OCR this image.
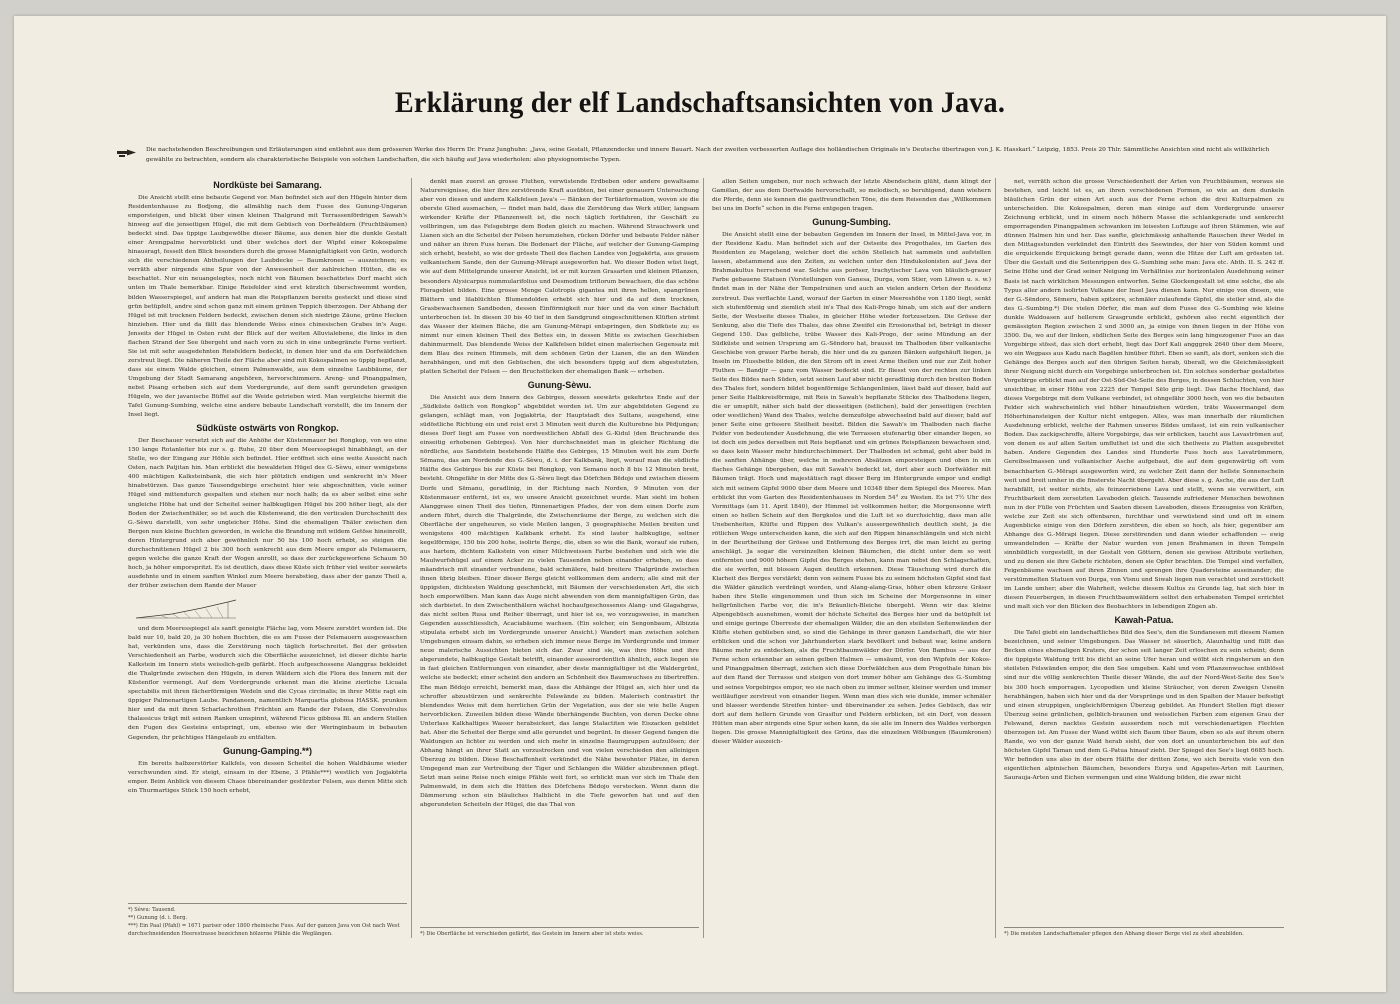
Erklärung der elf Landschaftsansichten von Java.

Die nachstehenden Beschreibungen und Erläuterungen sind entlehnt aus dem grösseren Werke des Herrn Dr. Franz Junghuhn: „Java, seine Gestalt, Pflanzendecke und innere Bauart. Nach der zweiten verbesserten Auflage des holländischen Originals in's Deutsche übertragen von J. K. Hasskarl.“ Leipzig, 1853. Preis 20 Thlr. Sämmtliche Ansichten sind nicht als willkührlich gewählte zu betrachten, sondern als charakteristische Beispiele von solchen Landschaften, die sich häufig auf Java wiederholen: also physiognomische Typen.

Nordküste bei Samarang.

Die Ansicht stellt eine bebaute Gegend vor. Man befindet sich auf den Hügeln hinter dem Residentenhause zu Bodjong, die allmählig nach dem Fusse des Gunung-Ungaran emporsteigen, und blickt über einen kleinen Thalgrund mit Terrassenfördrigen Sawah's hinweg auf die jenseitigen Hügel, die mit dem Gebüsch von Dorfwäldern (Fruchtbäumen) bedeckt sind. Das üppige Laubgewölbe dieser Bäume, aus denen hier die dunkle Gestalt einer Arengpalme hervorblickt und über welches dort der Wipfel einer Kokospalme hinausragt, fesselt den Blick besonders durch die grosse Mannigfaltigkeit von Grün, wodurch sich die verschiedenen Abtheilungen der Laubdecke — Baumkronen — auszeichnen; es verräth aber nirgends eine Spur von der Anwesenheit der zahlreichen Hütten, die es beschattet. Nur ein neuangelegtes, noch nicht von Bäumen beschattetes Dorf macht sich unten im Thale bemerkbar. Einige Reisfelder sind erst kürzlich überschwemmt worden, bilden Wasserspiegel, auf andern hat man die Reispflanzen bereits gesteckt und diese sind grün betüpfelt, andre sind schon ganz mit einem grünen Teppich überzogen. Der Abhang der Hügel ist mit trocknen Feldern bedeckt, zwischen denen sich niedrige Zäune, grüne Hecken hinziehen. Hier und da fällt das blendende Weiss eines chinesischen Grabes in's Auge. Jenseits der Hügel in Osten ruht der Blick auf der weiten Alluvialebene, die links in den flachen Strand der See übergeht und nach vorn zu sich in eine unbegränzte Ferne verliert. Sie ist mit sehr ausgedehnten Reisfeldern bedeckt, in denen hier und da ein Dorfwäldchen zerstreut liegt. Die näheren Theile der Fläche aber sind mit Kokospalmen so üppig bepflanzt, dass sie einem Walde gleichen, einem Palmenwalde, aus dem einzelne Laubbäume, der Umgebung der Stadt Samarang angehören, hervorschimmern. Areng- und Pinangpalmen, nebst Pisang erheben sich auf dem Vordergrunde, auf dem sanft gerundeten grasigen Hügeln, wo der javanische Büffel auf die Weide getrieben wird. Man vergleiche hiermit die Tafel Gunung-Sumbing, welche eine andere bebaute Landschaft vorstellt, die im Innern der Insel liegt.

Südküste ostwärts von Rongkop.

Der Beschauer versetzt sich auf die Anhöhe der Küstenmauer bei Rongkop, von wo eine 150 lange Rotanleiter bis zur s. g. Ruhe, 20 über dem Meeresspiegel hinabhängt, an der Stelle, wo der Eingang zur Höhle sich befindet. Hier eröffnet sich eine weite Aussicht nach Osten, nach Patjitan hin. Man erblickt die bewaldeten Hügel des G.-Sèwu, einer wenigstens 400 mächtigen Kalksteinbank, die sich hier plötzlich endigen und senkrecht in's Meer hinabstürzen. Das ganze Tausendgebirge erscheint hier wie abgeschnitten, viele seiner Hügel sind mittendurch gespalten und stehen nur noch halb; da es aber selbst eine sehr ungleiche Höhe hat und der Scheitel seiner halbkugligen Hügel bis 200 höher liegt, als der Boden der Zwischenthäler, so ist auch die Küstenwand, die den verticalen Durchschnitt des G.-Sèwu darstellt, von sehr ungleicher Höhe. Sind die ehemaligen Thäler zwischen den Bergen nun kleine Buchten geworden, in welche die Brandung mit wildem Getöse hineinrollt, deren Hintergrund sich aber gewöhnlich nur 50 bis 100 hoch erhebt, so steigen die durchschnittenen Hügel 2 bis 300 hoch senkrecht aus dem Meere empor als Felsmauern, gegen welche die ganze Kraft der Wogen anrollt, so dass der zurückgeworfene Schaum 50 hoch, ja höher emporspritzt. Es ist deutlich, dass diese Küste sich früher viel weiter seewärts ausdehnte und in einem sanften Winkel zum Meere herabstieg, dass aber der ganze Theil a, der früher zwischen dem Rande der Mauer

und dem Meeresspiegel als sanft geneigte Fläche lag, vom Meere zerstört worden ist. Die bald nur 10, bald 20, ja 30 hohen Buchten, die es am Fusse der Felsmauern ausgewaschen hat, verkünden uns, dass die Zerstörung noch täglich fortschreitet. Bei der grössten Verschiedenheit an Farbe, wodurch sich die Oberfläche auszeichnet, ist dieser dichte harte Kalkstein im Innern stets weisslich-gelb gefärbt. Hoch aufgeschossene Alanggras bekleidet die Thalgründe zwischen den Hügeln, in deren Wäldern sich die Flora des Innern mit der Küstenflor vermengt. Auf dem Vordergrunde erkennt man die kleine zierliche Licuala spectabilis mit ihren fächerförmigen Wedeln und die Cycas circinalis; in ihrer Mitte ragt ein üppiger Palmenartigen Laube. Pandaneen, namentlich Marquartia globosa HASSK. prunken hier und da mit ihren Scharlachrothen Früchten am Rande der Felsen, die Convolvulus thalassicus trägt mit seinen Ranken umspinnt, während Ficus gibbosa Bl. an andern Stellen den Fugen des Gesteins entspringt, um, ebenso wie der Weringinbaum in bebauten Gegenden, ihr prächtiges Hängelaub zu entfalten.

Gunung-Gamping.**)

Ein bereits halbzerstörter Kalkfels, von dessen Scheitel die hohen Waldbäume wieder verschwunden sind. Er steigt, einsam in der Ebene, 3 Pfähle***) westlich von Jogjakërta empor. Beim Anblick von diesem Chaos übereinander gestürzter Felsen, aus deren Mitte sich ein Thurmartiges Stück 150 hoch erhebt,

*) Sèwu: Tausend.

**) Gunung (d. i. Berg.

***) Ein Paal (Pfahl) = 1671 pariser oder 1800 rheinische Fuss. Auf der ganzen Java von Ost nach West durchschneidenden Heerestrasse bezeichnen hölzerne Pfähle die Weglängen.

denkt man zuerst an grosse Fluthen, verwüstende Erdbeben oder andere gewaltsame Naturereignisse, die hier ihre zerstörende Kraft ausübten, bei einer genauern Untersuchung aber von diesen und andern Kalkfelsen Java's — Bänken der Tertiärformation, wovon sie die oberste Glied ausmachen, — findet man bald, dass die Zerstörung das Werk stiller, langsam wirkender Kräfte der Pflanzenwelt ist, die noch täglich fortfahren, ihr Geschäft zu vollbringen, um das Felsgebirge dem Boden gleich zu machen. Während Strauchwerk und Lianen sich an die Scheitel der Felsen herumziehen, rücken Dörfer und bebaute Felder näher und näher an ihren Fuss heran. Die Bodenart der Fläche, auf welcher der Gunung-Gamping sich erhebt, besteht, so wie der grösste Theil des flachen Landes von Jogjakërta, aus grauem vulkanischem Sande, den der Gunung-Mërapi ausgeworfen hat. Wo dieser Boden wüst liegt, wie auf dem Mittelgrunde unserer Ansicht, ist er mit kurzen Grasarten und kleinen Pflanzen, besonders Alysicarpus nummularifolius und Desmodium triflorum bewachsen, die das schöne Floragebiet bilden. Eine grosse Menge Calotropis gigantea mit ihren hellen, spangrünen Blättern und lilablüchten Blumendolden erhebt sich hier und da auf dem trocknen, Grasbewachsenen Sandboden, dessen Einförmigkeit nur hier und da von einer Bachkluft unterbrochen ist. In diesen 30 bis 40 tief in den Sandgrund eingeschnittenen Klüften strömt das Wasser der kleinen Bäche, die am Gunung-Mërapi entspringen, den Südküste zu; es nimmt nur einen kleinen Theil des Bettes ein, in dessen Mitte es zwischen Geschieben dahinmurmelt. Das blendende Weiss der Kalkfelsen bildet einen malerischen Gegensatz mit dem Blau des reinen Himmels, mit dem schönen Grün der Lianen, die an den Wänden herabhängen, und mit den Gebüschen, die sich besonders üppig auf dem abgestutzten, platten Scheitel der Felsen — den Bruchstücken der ehemaligen Bank — erheben.

Gunung-Sèwu.

Die Ansicht aus dem Innern des Gebirges, dessen seewärts gekehrtes Ende auf der „Südküste östlich von Rongkop“ abgebildet worden ist. Um zur abgebildeten Gegend zu gelangen, schlägt man, von Jogjakërta, der Hauptstadt des Sultans, ausgehend, eine südöstliche Richtung ein und reist erst 3 Minuten weit durch die Kulturebne bis Pëdjungan; dieses Dorf liegt am Fusse von nordwestlichen Abfall des G.-Kidul (den Bruchrande des einseitig erhobenen Gebirges). Von hier durchschneidet man in gleicher Richtung die nördliche, aus Sandstein bestehende Hälfte des Gebirges, 15 Minuten weit bis zum Dorfe Sëmanu, das am Nordende des G.-Sèwu, d. i. der Kalkbank, liegt, worauf man die südliche Hälfte des Gebirges bis zur Küste bei Rongkop, von Semanu noch 8 bis 12 Minuten breit, besteht. Ohngefähr in der Mitte des G.-Sèwu liegt das Dörfchen Bëdojo und zwischen diesem Dorfe und Sëmanu, geradlinig, in der Richtung nach Norden, 9 Minuten von der Küstenmauer entfernt, ist es, wo unsere Ansicht gezeichnet wurde. Man sieht im hohen Alanggrase einen Theil des tiefen, Rinnenartigen Pfades, der von dem einen Dorfe zum andern führt, durch die Thalgründe, die Zwischenräume der Berge, zu welchen sich die Oberfläche der ungeheuren, so viele Meilen langen, 3 geographische Meilen breiten und wenigstens 400 mächtigen Kalkbank erhebt. Es sind lauter halbkuglige, seltner kegelförmige, 150 bis 200 hohe, isolirte Berge, die, eben so wie die Bank, worauf sie ruhen, aus hartem, dichtem Kalkstein von einer Milchweissen Farbe bestehen und sich wie die Maulwurfshügel auf einem Acker zu vielen Tausenden neben einander erheben, so dass mäandrisch mit einander verbundene, bald schmälere, bald breitere Thalgründe zwischen ihnen übrig bleiben. Einer dieser Berge gleicht vollkommen dem andern; alle sind mit der üppigsten, dichtesten Waldung geschmückt, mit Bäumen der verschiedensten Art, die sich hoch emporwölben. Man kann das Auge nicht abwenden von dem mannigfaltigen Grün, das sich darbietet. In den Zwischenthälern wächst hochaufgeschossenes Alang- und Glagahgras, das nicht selten Rusa und Reiher überragt, und hier ist es, wo vorzugsweise, in manchen Gegenden ausschliesslich, Acaciabäume wachsen. (Ein solcher, ein Sengonbaum, Albizzia stipulata erhebt sich im Vordergrunde unserer Ansicht.) Wandert man zwischen solchen Umgebungen einsam dahin, so erheben sich immer neue Berge im Vordergrunde und immer neue malerische Aussichten bieten sich dar. Zwar sind sie, was ihre Höhe und ihre abgerundete, halbkuglige Gestalt betrifft, einander ausserordentlich ähnlich, auch liegen sie in fast gleichen Entfernungen von einander, aber deste mannigfaltiger ist die Waldergrünt, welche sie bedeckt; einer scheint den andern an Schönheit des Baumwuchses zu übertreffen. Ehe man Bëdojo erreicht, bemerkt man, dass die Abhänge der Hügel an, sich hier und da schroffer abzustürzen und senkrechte Felswände zu bilden. Malerisch contrastirt ihr blendendes Weiss mit dem herrlichen Grün der Vegetation, aus der sie wie helle Augen hervorblicken. Zuweilen bilden diese Wände überhängende Buchten, von deren Decke ohne Unterlass Kalkhaltiges Wasser herabsickert, das lange Stalactiten wie Eiszacken gebildet hat. Aber die Scheitel der Berge sind alle gerundet und begrünt. In dieser Gegend fangen die Waldungen an lichter zu werden und sich mehr in einzelne Baumgruppen aufzulösen; der Abhang hängt an ihrer Statt an vorzustrecken und von vielen verschieden den alleinigen Überzug zu bilden. Diese Beschaffenheit verkündet die Nähe bewohnter Plätze, in deren Umgegend man zur Vertreibung der Tiger und Schlangen die Wälder abzubrennen pflegt. Setzt man seine Reise noch einige Pfähle weit fort, so erblickt man vor sich im Thale den Palmenwald, in dem sich die Hütten des Dörfchens Bëdojo verstecken. Wenn dann die Dämmerung schon ein bläuliches Halblicht in die Tiefe geworfen hat und auf den abgerundeten Scheiteln der Hügel, die das Thal von

*) Die Oberfläche ist verschieden gefärbt, das Gestein im Innern aber ist stets weiss.

allen Seiten umgeben, nur noch schwach der letzte Abendschein glüht, dann klingt der Gamëlan, der aus dem Dorfwalde hervorschallt, so melodisch, so beruhigend, dann wiehern die Pferde, denn sie kennen die gastfreundlichen Töne, die dem Reisenden das „Willkommen bei uns im Dorfe“ schon in die Ferne entgegen tragen.

Gunung-Sumbing.

Die Ansicht stellt eine der bebauten Gegenden im Innern der Insel, in Mittel-Java vor, in der Residenz Kadu. Man befindet sich auf der Ostseite des Progothales, im Garten des Residenten zu Magelang, welcher dort die schön Stelleich hat sammeln und aufstellen lassen, abstammend aus den Zeiten, zu welchen unter den Hindukolonisten auf Java der Brahmakultus herrschend war. Solche aus poröser, trachytischer Lava von bläulich-grauer Farbe gebauene Statuen (Vorstellungen von Ganesa, Durga, vom Stier, vom Löwen u. s. w.) findet man in der Nähe der Tempelruinen und auch an vielen andern Orten der Residenz zerstreut. Das verflachte Land, worauf der Garten in einer Meereshöhe von 1180 liegt, senkt sich stufenförmig und ziemlich steil in's Thal des Kali-Progo hinab, um sich auf der andern Seite, der Westseite dieses Thales, in gleicher Höhe wieder fortzusetzen. Die Grösse der Senkung, also die Tiefe des Thales, das ohne Zweifel ein Erosionsthal ist, beträgt in dieser Gegend 150. Das gelbliche, trübe Wasser des Kali-Progo, der seine Mündung an der Südküste und seinen Ursprung am G.-Sëndoro hat, brausst im Thalboden über vulkanische Geschiebe von grauer Farbe herab, die hier und da zu ganzen Bänken aufgehäuft liegen, ja Inseln im Flussbette bilden, die den Strom oft in zwei Arme theilen und nur zur Zeit hoher Fluthen — Bandjir — ganz vom Wasser bedeckt sind. Er fliesst von der rechten zur linken Seite des Bildes nach Süden, setzt seinen Lauf aber nicht geradlinig durch den breiten Boden des Thales fort, sondern bildet bogenförmige Schlangenlinien, lässt bald auf dieser, bald auf jener Seite Halbkreisförmige, mit Reis in Sawah's bepflanzte Stücke des Thalbodens liegen, die er umspült, näher sich bald der diesseitigen (östlichen), bald der jenseitigen (rechten oder westlichen) Wand des Thales, welche demzufolge abwechselnd bald auf dieser, bald auf jener Seite eine grössere Steilheit besitzt. Bilden die Sawah's im Thalboden nach flache Felder von bedeutender Ausdehnung, die wie Terrassen stufenartig über einander liegen, so ist doch ein jedes derselben mit Reis bepflanzt und ein grünes Reispflanzen bewachsen sind, so dass kein Wasser mehr hindurchschimmert. Der Thalboden ist schmal, geht aber bald in die sanften Abhänge über, welche in mehreren Absätzen emporsteigen und oben in ein flaches Gehänge übergehen, das mit Sawah's bedeckt ist, dort aber auch Dorfwälder mit Bäumen trägt. Hoch und majestätisch ragt dieser Berg im Hintergrunde empor und endigt sich mit seinem Gipfel 9000 über dem Meere und 10348 über dem Spiegel des Meeres. Man erblickt ihn vom Garten des Residentenhauses in Norden 54° zu Westen. Es ist 7½ Uhr des Vormittags (am 11. April 1840), der Himmel ist vollkommen heiter, die Morgensonne wirft einen so hellen Schein auf den Bergkolos und die Luft ist so durchsichtig, dass man alle Unebenheiten, Klüfte und Rippen des Vulkan's aussergewöhnlich deutlich sieht, ja die rötlichen Wege unterscheiden kann, die sich auf den Rippen hinanschlängeln und sich nicht in der Beurtheilung der Grösse und Entfernung des Berges irrt, die man leicht zu gering anschlägt. Ja sogar die vereinzelten kleinen Bäumchen, die dicht unter dem so weit entfernten und 9000 höhern Gipfel des Berges stehen, kann man nebst den Schlagschatten, die sie werfen, mit blossen Augen deutlich erkennen. Diese Täuschung wird durch die Klarheit des Berges verstärkt; denn von seinem Fusse bis zu seinem höchsten Gipfel sind fast die Wälder gänzlich verdrängt worden, und Alang-alang-Gras, höher oben kürzere Gräser haben ihre Stelle eingenommen und thun sich im Scheine der Morgensonne in einer hellgrünlichen Farbe vor, die in's Bräunlich-Bleiche übergeht. Wenn wir das kleine Alpengebüsch ausnehmen, womit der höchste Scheitel des Berges hier und da betüpfelt ist und einige geringe Überreste der ehemaligen Wälder, die an den steilsten Seitenwänden der Klüfte stehen geblieben sind, so sind die Gehänge in ihrer ganzen Landschaft, die wir hier erblicken und die schon vor Jahrhunderten stark bevölkert und bebaut war, keine andern Bäume mehr zu entdecken, als die Fruchtbaumwälder der Dörfer. Von Bambus — aus der Ferne schon erkennbar an seinen gelben Halmen — umsäumt, von den Wipfeln der Kokos- und Pinangpalmen überragt, zeichen sich diese Dorfwäldchen aus dem Progothale hinan bis auf den Rand der Terrasse und steigen von dort immer höher am Gehänge des G.-Sumbing und seines Vorgebirges empor, wo sie nach oben zu immer seltner, kleiner werden und immer weitläufiger zerstreut von einander liegen. Wenn man dies sich wie dunkle, immer schmäler und blasser werdende Streifen hinter- und übereinander zu sehen. Jedes Gebüsch, das wir dort auf dem hellern Grunde von Grasflur und Feldern erblicken, ist ein Dorf, von dessen Hütten man aber nirgends eine Spur sehen kann, da sie alle im Innern des Waldes verborgen liegen. Die grosse Mannigfaltigkeit des Grüns, das die einzelnen Wölbungen (Baumkronen) dieser Wälder auszeich-

net, verräth schon die grosse Verschiedenheit der Arten von Fruchtbäumen, woraus sie bestehen, und leicht ist es, an ihren verschiedenen Formen, so wie an dem dunkeln bläulichen Grün der einen Art auch aus der Ferne schon die drei Kulturpalmen zu unterscheiden. Die Kokospalmen, deren man einige auf dem Vordergrunde unserer Zeichnung erblickt, und in einem noch höhern Masse die schlankgerade und senkrecht emporragenden Pinangpalmen schwanken im leisesten Luftzuge auf ihren Stämmen, wie auf dünnen Halmen hin und her. Das sanfte, gleichmässig anhaltende Rauschen ihrer Wedel in den Mittagsstunden verkündet den Eintritt des Seewindes, der hier von Süden kommt und die erquickende Erquickung bringt gerade dann, wenn die Hitze der Luft am grössten ist. Über die Gestalt und die Seitenrippen des G.-Sumbing sehe man: Java etc. Abth. II. S. 242 ff. Seine Höhe und der Grad seiner Neigung im Verhältniss zur horizontalen Ausdehnung seiner Basis ist nach wirklichen Messungen entworfen. Seine Glockengestalt ist eine solche, die als Typus aller andern isolirten Vulkane der Insel Java dienen kann. Nur einige von diesen, wie der G.-Sëndoro, Sëmeru, haben spitzere, schmäler zulaufende Gipfel, die steiler sind, als die des G.-Sumbing.*) Die vielen Dörfer, die man auf dem Fusse des G.-Sumbing wie kleine dunkle Waldoasen auf hellerem Grasgrunde erblickt, gehören also recht eigentlich der gemässigten Region zwischen 2 und 3000 an, ja einige von ihnen liegen in der Höhe von 3500. Da, wo auf der linken, südlichen Seite des Berges sein lang hingezogener Fuss an das Vorgebirge stösst, das sich dort erhebt, liegt das Dorf Kali angggrek 2640 über dem Meere, wo ein Wegpass aus Kadu nach Bagëlen hinüber führt. Eben so sanft, als dort, senken sich die Gehänge des Berges auch auf den übrigen Seiten herab, überall, wo die Gleichmässigkeit ihrer Neigung nicht durch ein Vorgebirge unterbrochen ist. Ein solches sonderbar gestaltetes Vorgebirge erblickt man auf der Ost-Süd-Ost-Seite des Berges, in dessen Schluchten, von hier unsichtbar, in einer Höhe von 2225 der Tempel Sëlo grip liegt. Das flache Hochland, das dieses Vorgebirge mit dem Vulkane verbindet, ist ohngefähr 3000 hoch, von wo die bebauten Felder sich wahrscheinlich viel höher hinaufziehen würden, träte Wassermangel dem Höherhinansteigen der Kultur nicht entgegen. Alles, was man innerhalb der räumlichen Ausdehnung erblickt, welche der Rahmen unseres Bildes umfasst, ist ein rein vulkanischer Boden. Das zackigschroffe, ältere Vorgebirge, das wir erblicken, taucht aus Lavaströmen auf, von denen es auf allen Seiten umfluthet ist und die sich theilweis zu Platten ausgebreitet haben. Andere Gegenden des Landes sind Hunderte Fuss hoch aus Lavatrümmern, Gereibselmassen und vulkanischer Asche aufgebaut, die auf dem gegenwärtig oft vom benachbarten G.-Mërapi ausgeworfen wird, zu welcher Zeit dann der hellste Sonnenschein weit und breit umher in die finsterste Nacht übergeht. Aber diese s. g. Asche, die aus der Luft herabfällt, ist weiter nichts, als feinzerriebene Lava und stellt, wenn sie verwittert, ein Fruchtbarkeit dem zersetzten Lavaboden gleich. Tausende zufriedener Menschen bewohnen nun in der Fülle von Früchten und Saaten diesen Lavaboden, dieses Erzeugniss von Kräften, welche zur Zeit sie sich offenbaren, furchtbar und verwüstend sind und oft in einem Augenblicke einige von den Dörfern zerstören, die eben so hoch, als hier, gegenüber am Abhange des G.-Mërapi liegen. Diese zerstörenden und dann wieder schaffenden — ewig umwandelnden — Kräfte der Natur wurden von jenen Brahmanen in ihren Tempeln sinnbildlich vorgestellt, in der Gestalt von Göttern, denen sie gewisse Attribute verliehen, und zu denen sie ihre Gebete richteten, denen sie Opfer brachten. Die Tempel sind verfallen, Feigenbäume wachsen auf ihren Zinnen und sprengen ihre Quadersteine auseinander; die verstümmelten Statuen von Durga, von Visnu und Siwah liegen nun verachtet und zerstückelt im Lande umher; aber die Wahrheit, welche diesem Kultus zu Grunde lag, hat sich hier in diesen Feuerbergen, in diesen Fruchtbaumwäldern selbst den erhabensten Tempel errichtet und malt sich vor den Blicken des Beobachters in lebendigen Zügen ab.

Kawah-Patua.

Die Tafel giebt ein landschaftliches Bild des See's, den die Sundanesen mit diesem Namen bezeichnen, und seiner Umgebungen. Das Wasser ist säuerlich, Alaunhaltig und füllt das Becken eines ehemaligen Kraters, der schon seit langer Zeit erloschen zu sein scheint; denn die üppigste Waldung tritt bis dicht an seine Ufer heran und wölbt sich ringsherum an den steilsten Felswänden empor, die den See umgeben. Kahl und vom Pflanzenwuchse entblösst sind nur die völlig senkrechten Theile dieser Wände, die auf der Nord-West-Seite des See's bis 300 hoch emporragen. Lycopodien und kleine Sträucher, von deren Zweigen Usneën herabhängen, haben sich hier und da der Vorsprünge und in den Spalten der Mauer befestigt und einen struppigen, ungleichförmigen Überzug gebildet. An Hundert Stellen fügt dieser Überzug seine grünlichen, gelblich-braunen und weisslichen Farben zum eigenen Grau der Felswand, deren nacktes Gestein ausserdem noch mit verschiedenartigen Flechten überzogen ist. Am Fusse der Wand wölbt sich Baum über Baum, eben so als auf ihrem obern Rande, wo von der ganze Wald herab sieht, der von dort an ununterbrochen bis auf den höchsten Gipfel Taman und dem G.-Patua hinauf zieht. Der Spiegel des See's liegt 6685 hoch. Wir befinden uns also in der obern Hälfte der dritten Zone, wo sich bereits viele von den eigentlichen alpinischen Bäumchen, besonders Eurya und Agapetes-Arten mit Laurinen, Saurauja-Arten und Eichen vermengen und eine Waldung bilden, die zwar nicht

*) Die meisten Landschaftsmaler pflegen den Abhang dieser Berge viel zu steil abzubilden.
